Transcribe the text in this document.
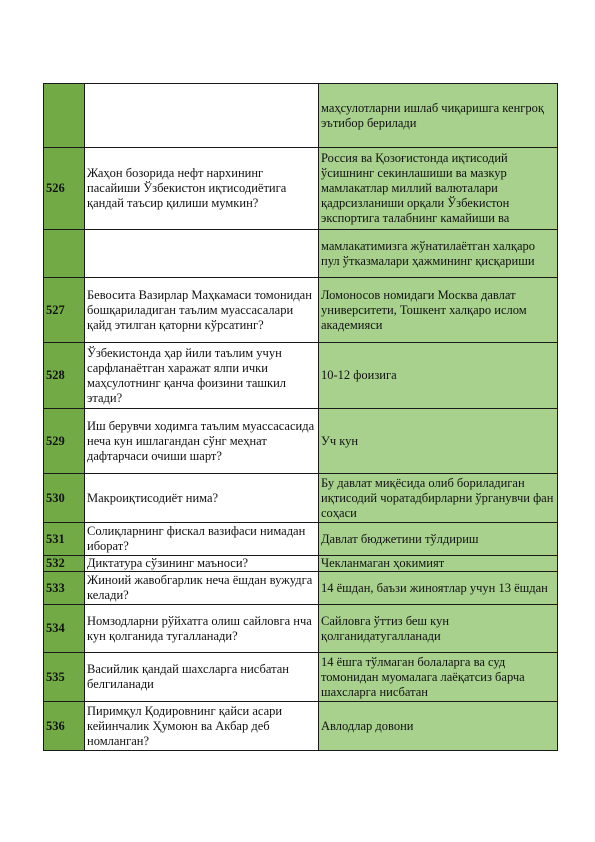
		маҳсулотларни ишлаб чиқаришга кенгроқ эътибор берилади
526	Жаҳон бозорида нефт нархининг пасайиши Ўзбекистон иқтисодиётига қандай таъсир қилиши мумкин?	Россия ва Қозоғистонда иқтисодий ўсишнинг секинлашиши ва мазкур мамлакатлар миллий валюталари қадрсизланиши орқали Ўзбекистон экспортига талабнинг камайиши ва
		мамлакатимизга жўнатилаётган халқаро пул ўтказмалари ҳажмининг қисқариши
527	Бевосита Вазирлар Маҳкамаси томонидан бошқариладиган таълим муассасалари қайд этилган қаторни кўрсатинг?	Ломоносов номидаги Москва давлат университети, Тошкент халқаро ислом академияси
528	Ўзбекистонда ҳар йили таълим учун сарфланаётган харажат ялпи ички маҳсулотнинг қанча фоизини ташкил этади?	10-12 фоизига
529	Иш берувчи ходимга таълим муассасасида неча кун ишлагандан сўнг меҳнат дафтарчаси очиши шарт?	Уч кун
530	Макроиқтисодиёт нима?	Бу давлат миқёсида олиб бориладиган иқтисодий чоратадбирларни ўрганувчи фан соҳаси
531	Солиқларнинг фискал вазифаси нимадан иборат?	Давлат бюджетини тўлдириш
532	Диктатура сўзининг маъноси?	Чекланмаган ҳокимият
533	Жиноий жавобгарлик неча ёшдан вужудга келади?	14 ёшдан, баъзи жиноятлар учун 13 ёшдан
534	Номзодларни рўйхатга олиш сайловга нча кун қолганида тугалланади?	Сайловга ўттиз беш кун қолганидатугалланади
535	Васийлик қандай шахсларга нисбатан белгиланади	14 ёшга тўлмаган болаларга ва суд томонидан муомалага лаёқатсиз барча шахсларга нисбатан
536	Пиримқул Қодировнинг қайси асари кейинчалик Ҳумоюн ва Акбар деб номланган?	Авлодлар довони
